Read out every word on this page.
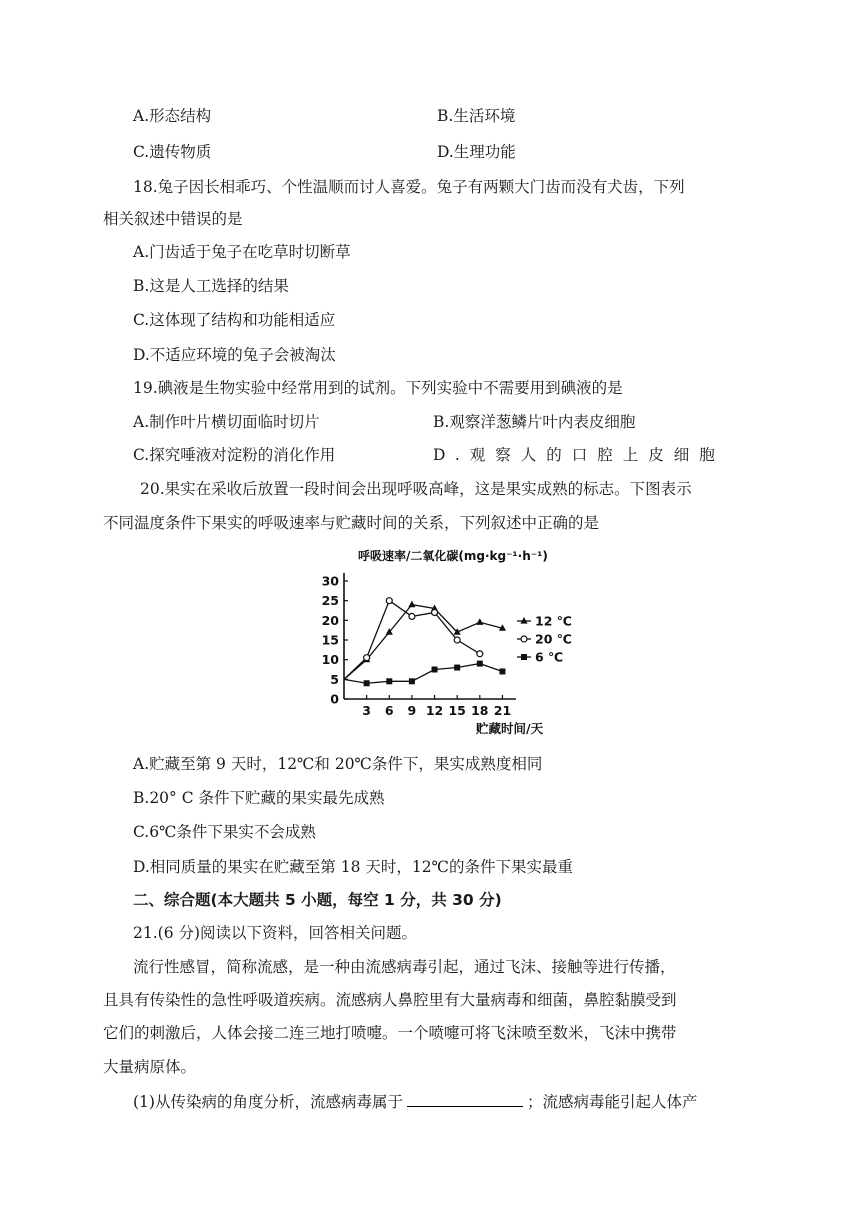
A.形态结构	B.生活环境
C.遗传物质	D.生理功能
18.兔子因长相乖巧、个性温顺而讨人喜爱。兔子有两颗大门齿而没有犬齿，下列
相关叙述中错误的是
A.门齿适于兔子在吃草时切断草
B.这是人工选择的结果
C.这体现了结构和功能相适应
D.不适应环境的兔子会被淘汰
19.碘液是生物实验中经常用到的试剂。下列实验中不需要用到碘液的是
A.制作叶片横切面临时切片	B.观察洋葱鳞片叶内表皮细胞
C.探究唾液对淀粉的消化作用	D.观察人的口腔上皮细胞
20.果实在采收后放置一段时间会出现呼吸高峰，这是果实成熟的标志。下图表示
不同温度条件下果实的呼吸速率与贮藏时间的关系，下列叙述中正确的是
呼吸速率/二氧化碳(mg·kg⁻¹·h⁻¹)
0
5
10
15
20
25
30
3 6 9 12 15 18 21
贮藏时间/天
12 ℃
20 ℃
6 ℃
A.贮藏至第 9 天时，12℃和 20℃条件下，果实成熟度相同
B.20° C 条件下贮藏的果实最先成熟
C.6℃条件下果实不会成熟
D.相同质量的果实在贮藏至第 18 天时，12℃的条件下果实最重
二、综合题(本大题共 5 小题，每空 1 分，共 30 分)
21.(6 分)阅读以下资料，回答相关问题。
流行性感冒，简称流感，是一种由流感病毒引起，通过飞沫、接触等进行传播，
且具有传染性的急性呼吸道疾病。流感病人鼻腔里有大量病毒和细菌，鼻腔黏膜受到
它们的刺激后，人体会接二连三地打喷嚏。一个喷嚏可将飞沫喷至数米，飞沫中携带
大量病原体。
(1)从传染病的角度分析，流感病毒属于	；流感病毒能引起人体产
